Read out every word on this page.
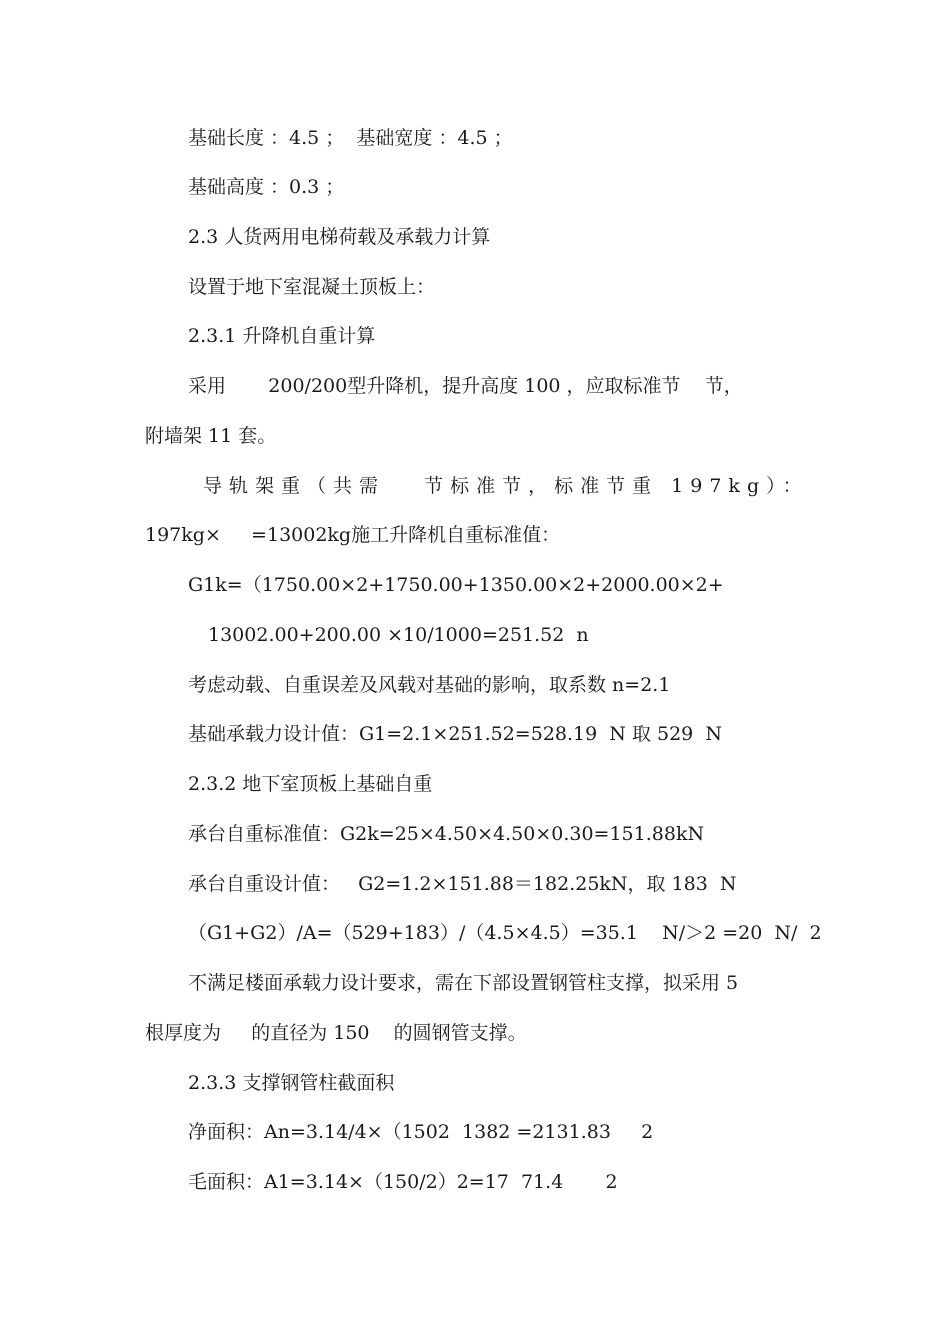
基础长度 ：4.5 ；  基础宽度 ：4.5 ；
基础高度 ：0.3 ；
2.3 人货两用电梯荷载及承载力计算
设置于地下室混凝土顶板上：
2.3.1 升降机自重计算
采用       200/200型升降机，提升高度 100 ，应取标准节    节，
附墙架 11 套。
导轨架重（共需   节标准节，标准节重 197kg）：
197kg×     =13002kg施工升降机自重标准值：
G1k=（1750.00×2+1750.00+1350.00×2+2000.00×2+
13002.00+200.00 ×10/1000=251.52  n
考虑动载、自重误差及风载对基础的影响，取系数 n=2.1
基础承载力设计值：G1=2.1×251.52=528.19  N 取 529  N
2.3.2 地下室顶板上基础自重
承台自重标准值：G2k=25×4.50×4.50×0.30=151.88kN
承台自重设计值：   G2=1.2×151.88＝182.25kN，取 183  N
（G1+G2）/A=（529+183）/（4.5×4.5）=35.1    N/＞2 =20  N/  2
不满足楼面承载力设计要求，需在下部设置钢管柱支撑，拟采用 5
根厚度为     的直径为 150    的圆钢管支撑。
2.3.3 支撑钢管柱截面积
净面积：An=3.14/4×（1502  1382 =2131.83     2
毛面积：A1=3.14×（150/2）2=17  71.4       2
